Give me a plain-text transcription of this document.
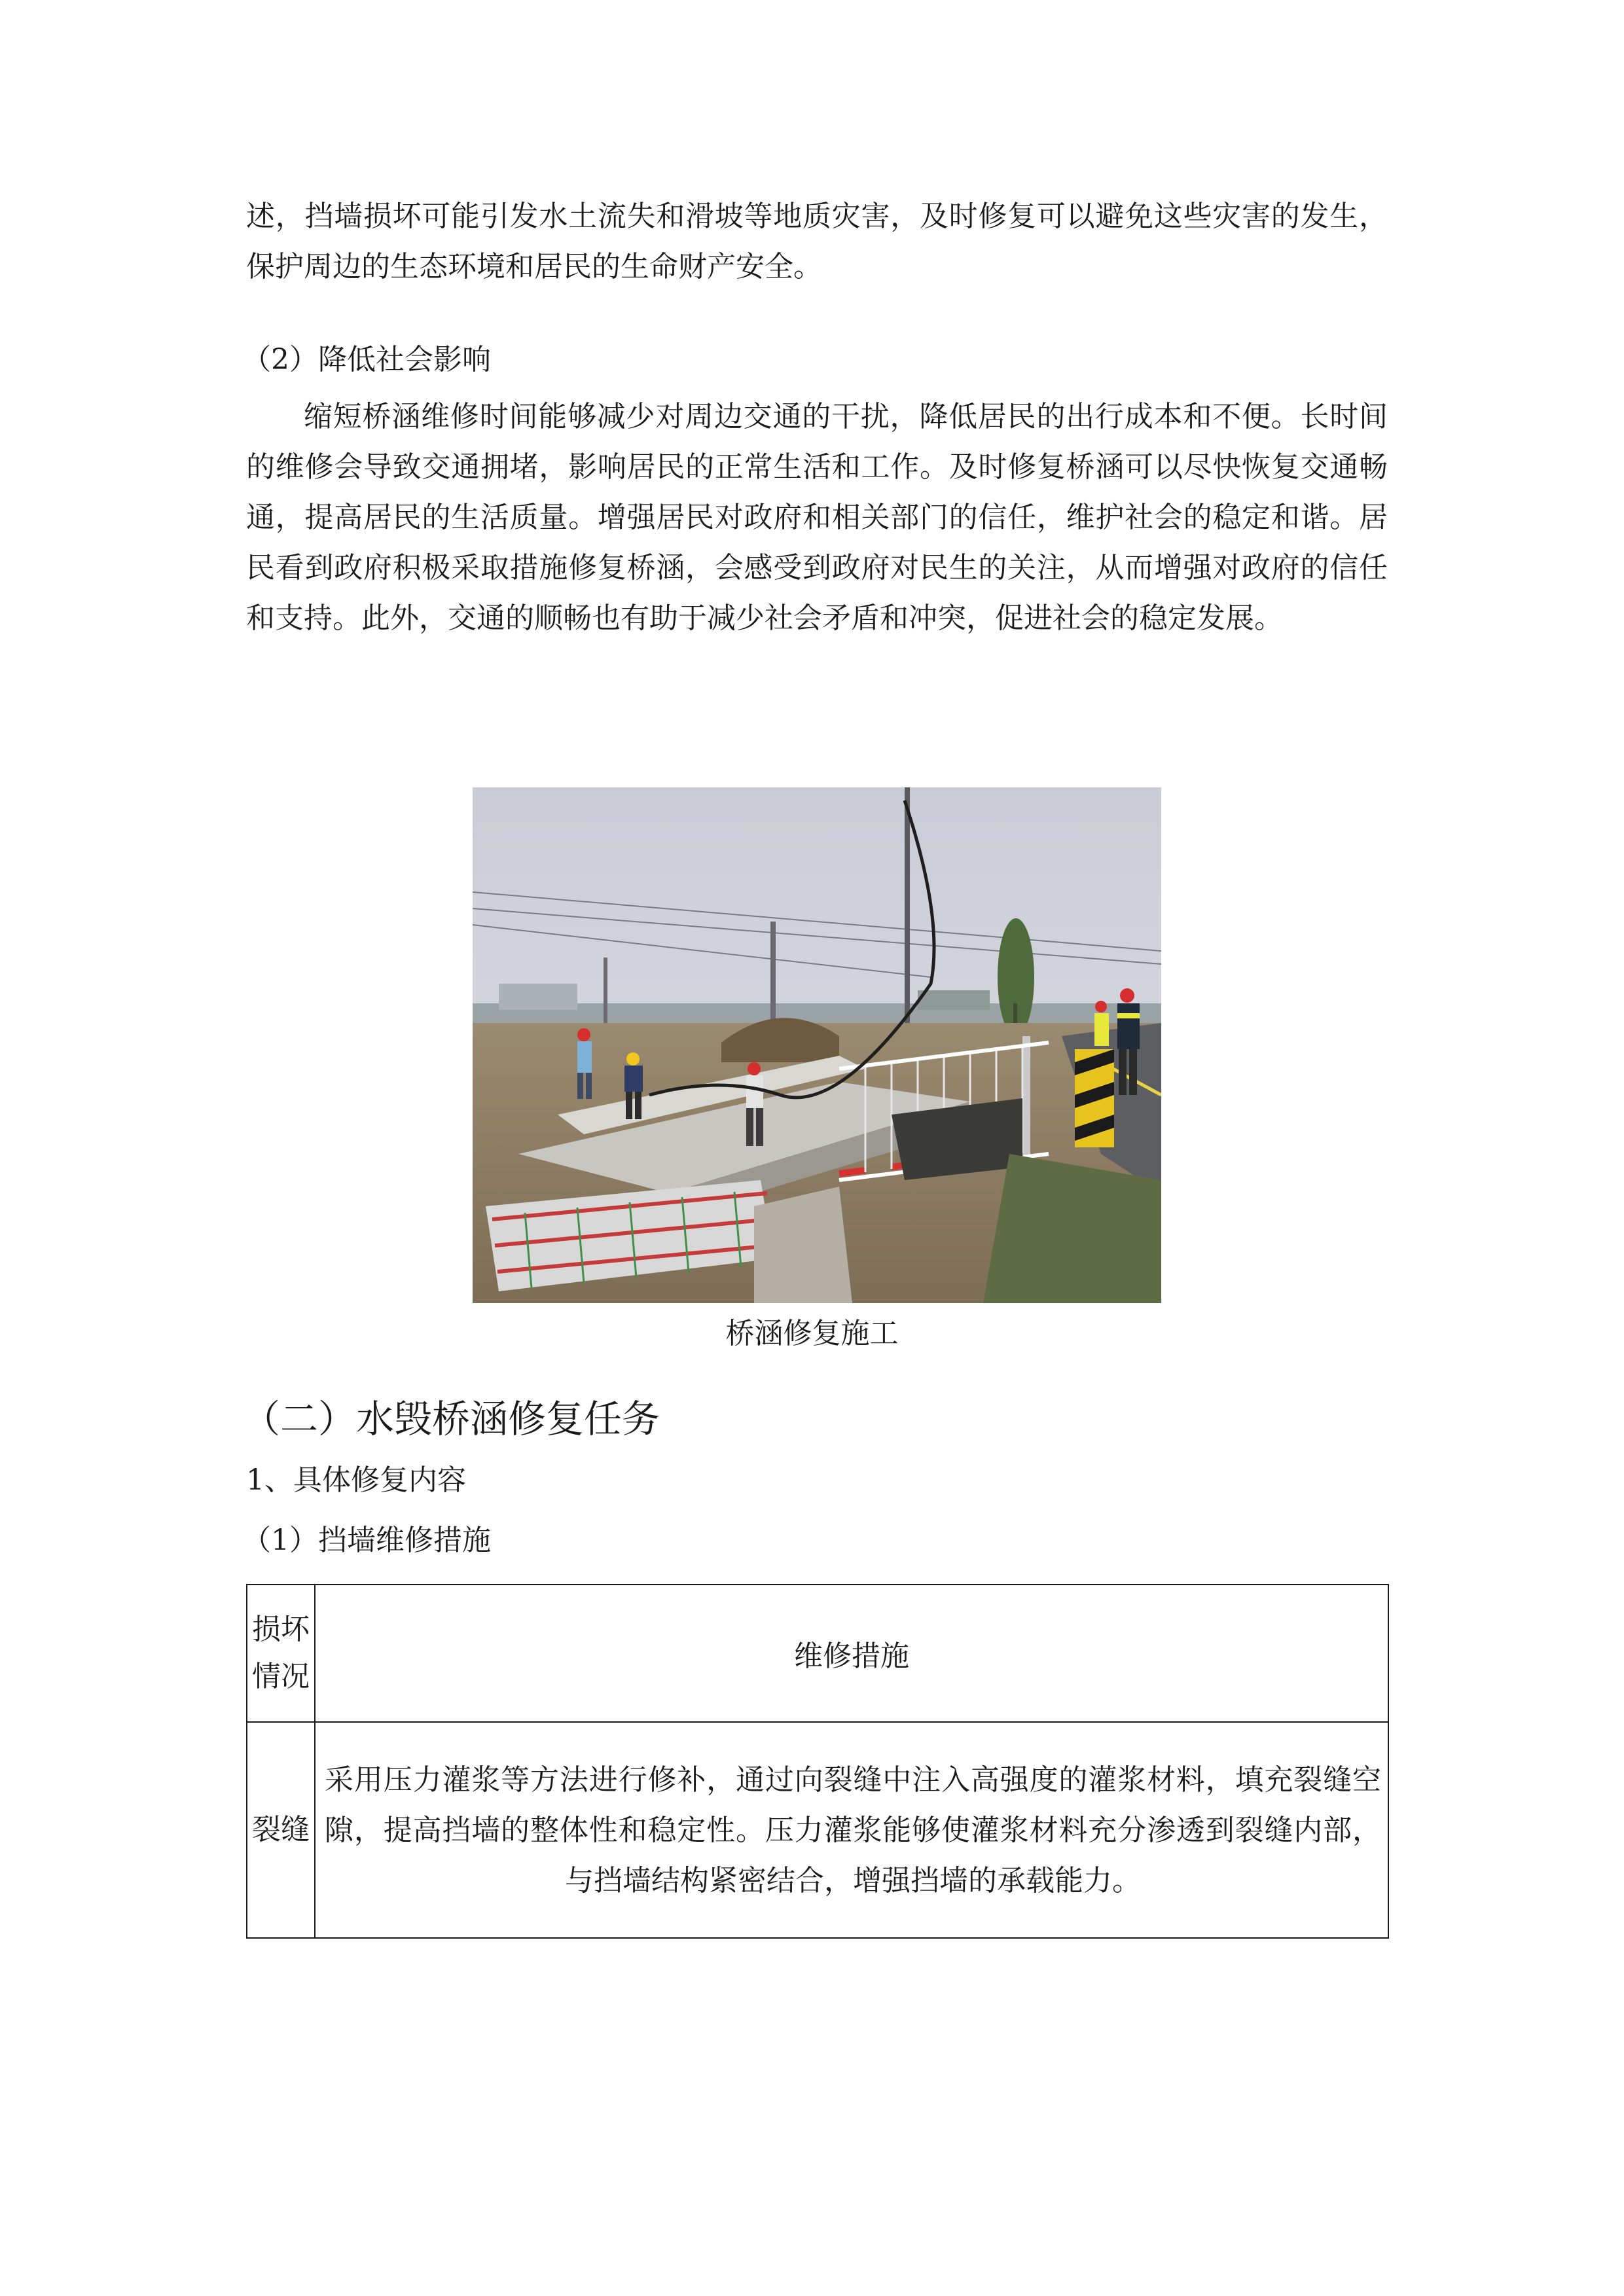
述，挡墙损坏可能引发水土流失和滑坡等地质灾害，及时修复可以避免这些灾害的发生，保护周边的生态环境和居民的生命财产安全。

（2）降低社会影响

缩短桥涵维修时间能够减少对周边交通的干扰，降低居民的出行成本和不便。长时间的维修会导致交通拥堵，影响居民的正常生活和工作。及时修复桥涵可以尽快恢复交通畅通，提高居民的生活质量。增强居民对政府和相关部门的信任，维护社会的稳定和谐。居民看到政府积极采取措施修复桥涵，会感受到政府对民生的关注，从而增强对政府的信任和支持。此外，交通的顺畅也有助于减少社会矛盾和冲突，促进社会的稳定发展。

桥涵修复施工

（二）水毁桥涵修复任务

1、具体修复内容

（1）挡墙维修措施

损坏情况	维修措施
裂缝	采用压力灌浆等方法进行修补，通过向裂缝中注入高强度的灌浆材料，填充裂缝空隙，提高挡墙的整体性和稳定性。压力灌浆能够使灌浆材料充分渗透到裂缝内部，与挡墙结构紧密结合，增强挡墙的承载能力。
